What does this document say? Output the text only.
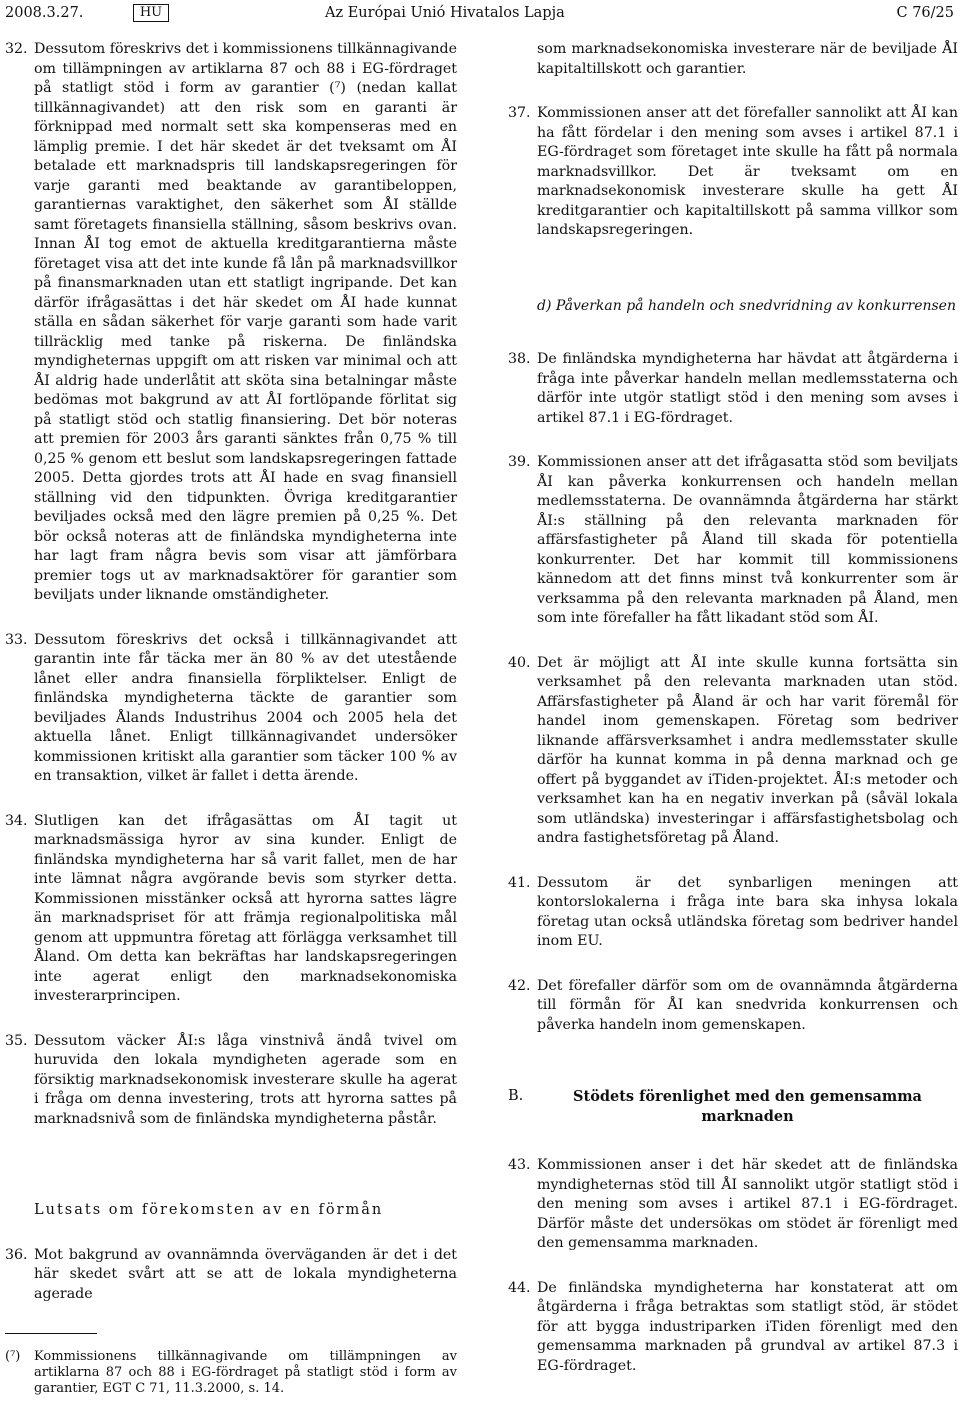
2008.3.27.	HU	Az Európai Unió Hivatalos Lapja	C 76/25
32. Dessutom föreskrivs det i kommissionens tillkännagivande om tillämpningen av artiklarna 87 och 88 i EG-fördraget på statligt stöd i form av garantier (⁷) (nedan kallat tillkännagivandet) att den risk som en garanti är förknippad med normalt sett ska kompenseras med en lämplig premie. I det här skedet är det tveksamt om ÅI betalade ett marknadspris till landskapsregeringen för varje garanti med beaktande av garantibeloppen, garantiernas varaktighet, den säkerhet som ÅI ställde samt företagets finansiella ställning, såsom beskrivs ovan. Innan ÅI tog emot de aktuella kreditgarantierna måste företaget visa att det inte kunde få lån på marknadsvillkor på finansmarknaden utan ett statligt ingripande. Det kan därför ifrågasättas i det här skedet om ÅI hade kunnat ställa en sådan säkerhet för varje garanti som hade varit tillräcklig med tanke på riskerna. De finländska myndigheternas uppgift om att risken var minimal och att ÅI aldrig hade underlåtit att sköta sina betalningar måste bedömas mot bakgrund av att ÅI fortlöpande förlitat sig på statligt stöd och statlig finansiering. Det bör noteras att premien för 2003 års garanti sänktes från 0,75 % till 0,25 % genom ett beslut som landskapsregeringen fattade 2005. Detta gjordes trots att ÅI hade en svag finansiell ställning vid den tidpunkten. Övriga kreditgarantier beviljades också med den lägre premien på 0,25 %. Det bör också noteras att de finländska myndigheterna inte har lagt fram några bevis som visar att jämförbara premier togs ut av marknadsaktörer för garantier som beviljats under liknande omständigheter.
33. Dessutom föreskrivs det också i tillkännagivandet att garantin inte får täcka mer än 80 % av det utestående lånet eller andra finansiella förpliktelser. Enligt de finländska myndigheterna täckte de garantier som beviljades Ålands Industrihus 2004 och 2005 hela det aktuella lånet. Enligt tillkännagivandet undersöker kommissionen kritiskt alla garantier som täcker 100 % av en transaktion, vilket är fallet i detta ärende.
34. Slutligen kan det ifrågasättas om ÅI tagit ut marknadsmässiga hyror av sina kunder. Enligt de finländska myndigheterna har så varit fallet, men de har inte lämnat några avgörande bevis som styrker detta. Kommissionen misstänker också att hyrorna sattes lägre än marknadspriset för att främja regionalpolitiska mål genom att uppmuntra företag att förlägga verksamhet till Åland. Om detta kan bekräftas har landskapsregeringen inte agerat enligt den marknadsekonomiska investerarprincipen.
35. Dessutom väcker ÅI:s låga vinstnivå ändå tvivel om huruvida den lokala myndigheten agerade som en försiktig marknadsekonomisk investerare skulle ha agerat i fråga om denna investering, trots att hyrorna sattes på marknadsnivå som de finländska myndigheterna påstår.
Lutsats om förekomsten av en förmån
36. Mot bakgrund av ovannämnda överväganden är det i det här skedet svårt att se att de lokala myndigheterna agerade
(⁷) Kommissionens tillkännagivande om tillämpningen av artiklarna 87 och 88 i EG-fördraget på statligt stöd i form av garantier, EGT C 71, 11.3.2000, s. 14.
som marknadsekonomiska investerare när de beviljade ÅI kapitaltillskott och garantier.
37. Kommissionen anser att det förefaller sannolikt att ÅI kan ha fått fördelar i den mening som avses i artikel 87.1 i EG-fördraget som företaget inte skulle ha fått på normala marknadsvillkor. Det är tveksamt om en marknadsekonomisk investerare skulle ha gett ÅI kreditgarantier och kapitaltillskott på samma villkor som landskapsregeringen.
d) Påverkan på handeln och snedvridning av konkurrensen
38. De finländska myndigheterna har hävdat att åtgärderna i fråga inte påverkar handeln mellan medlemsstaterna och därför inte utgör statligt stöd i den mening som avses i artikel 87.1 i EG-fördraget.
39. Kommissionen anser att det ifrågasatta stöd som beviljats ÅI kan påverka konkurrensen och handeln mellan medlemsstaterna. De ovannämnda åtgärderna har stärkt ÅI:s ställning på den relevanta marknaden för affärsfastigheter på Åland till skada för potentiella konkurrenter. Det har kommit till kommissionens kännedom att det finns minst två konkurrenter som är verksamma på den relevanta marknaden på Åland, men som inte förefaller ha fått likadant stöd som ÅI.
40. Det är möjligt att ÅI inte skulle kunna fortsätta sin verksamhet på den relevanta marknaden utan stöd. Affärsfastigheter på Åland är och har varit föremål för handel inom gemenskapen. Företag som bedriver liknande affärsverksamhet i andra medlemsstater skulle därför ha kunnat komma in på denna marknad och ge offert på byggandet av iTiden-projektet. ÅI:s metoder och verksamhet kan ha en negativ inverkan på (såväl lokala som utländska) investeringar i affärsfastighetsbolag och andra fastighetsföretag på Åland.
41. Dessutom är det synbarligen meningen att kontorslokalerna i fråga inte bara ska inhysa lokala företag utan också utländska företag som bedriver handel inom EU.
42. Det förefaller därför som om de ovannämnda åtgärderna till förmån för ÅI kan snedvrida konkurrensen och påverka handeln inom gemenskapen.
B.	Stödets förenlighet med den gemensamma marknaden
43. Kommissionen anser i det här skedet att de finländska myndigheternas stöd till ÅI sannolikt utgör statligt stöd i den mening som avses i artikel 87.1 i EG-fördraget. Därför måste det undersökas om stödet är förenligt med den gemensamma marknaden.
44. De finländska myndigheterna har konstaterat att om åtgärderna i fråga betraktas som statligt stöd, är stödet för att bygga industriparken iTiden förenligt med den gemensamma marknaden på grundval av artikel 87.3 i EG-fördraget.
